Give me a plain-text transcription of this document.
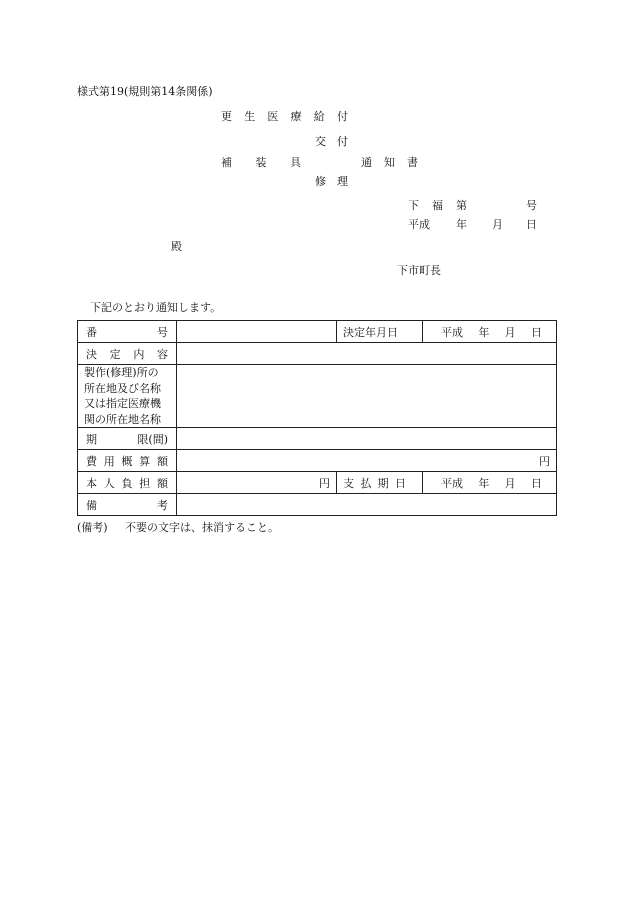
様式第19(規則第14条関係)
更 生 医 療 給 付
交 付
補 装 具	通 知 書
修 理
下 福 第	号
平成 年 月 日
殿
下市町長
下記のとおり通知します。
番 号		決定年月日	平成 年 月 日

決 定 内 容			

製作(修理)所の
所在地及び名称
又は指定医療機
関の所在地名称			

期 限(間)			

費 用 概 算 額	円		

本 人 負 担 額	円	支 払 期 日	平成 年 月 日

備 考			

(備考) 不要の文字は、抹消すること。
